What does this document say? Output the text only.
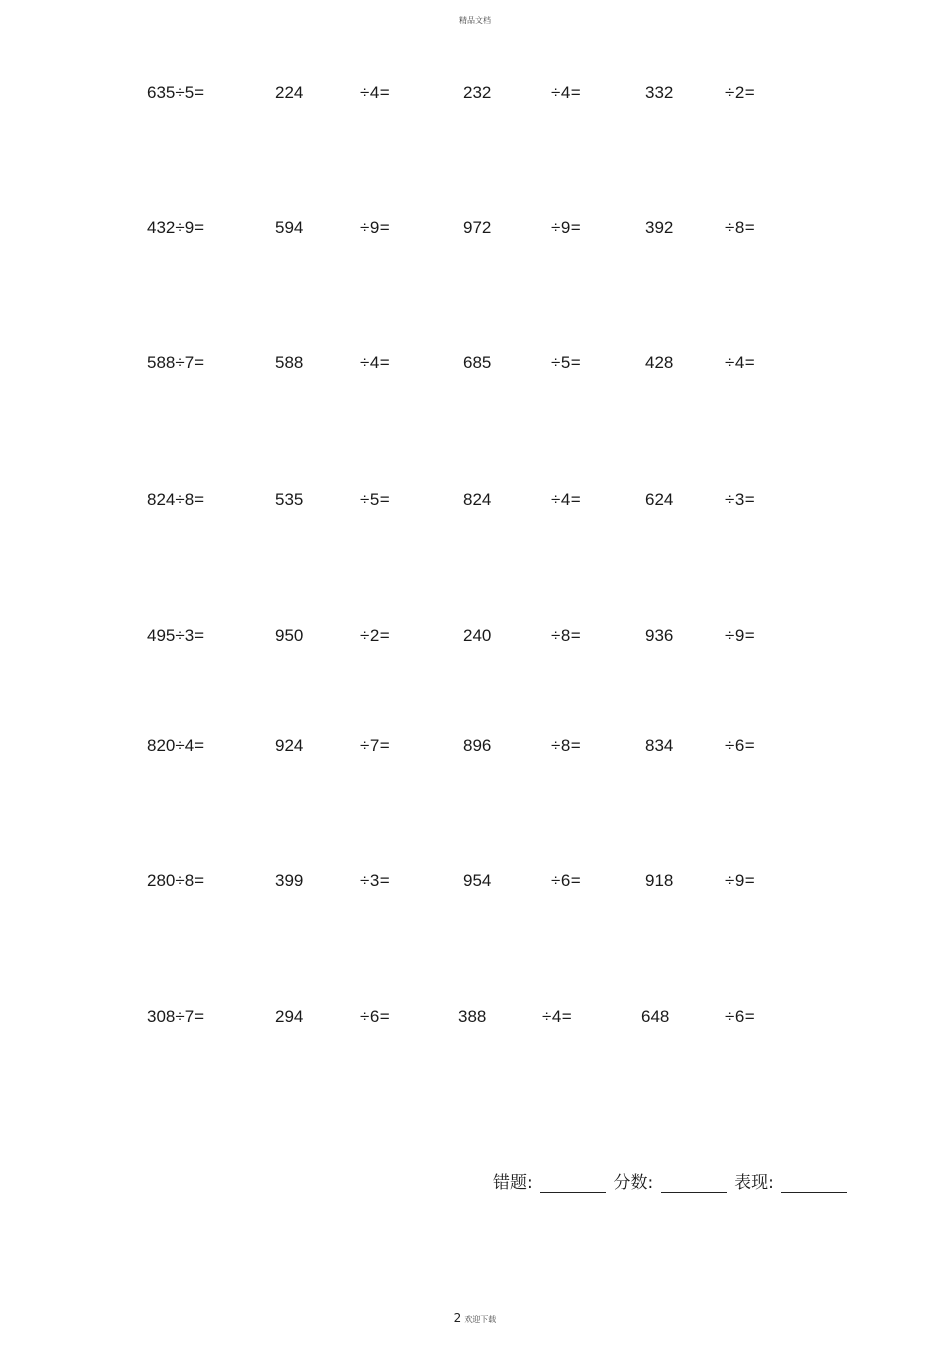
精品文档
635÷5=	224	÷4=	232	÷4=	332	÷2=
432÷9=	594	÷9=	972	÷9=	392	÷8=
588÷7=	588	÷4=	685	÷5=	428	÷4=
824÷8=	535	÷5=	824	÷4=	624	÷3=
495÷3=	950	÷2=	240	÷8=	936	÷9=
820÷4=	924	÷7=	896	÷8=	834	÷6=
280÷8=	399	÷3=	954	÷6=	918	÷9=
308÷7=	294	÷6=	388	÷4=	648	÷6=
错题:	分数:	表现:
2 欢迎下载
